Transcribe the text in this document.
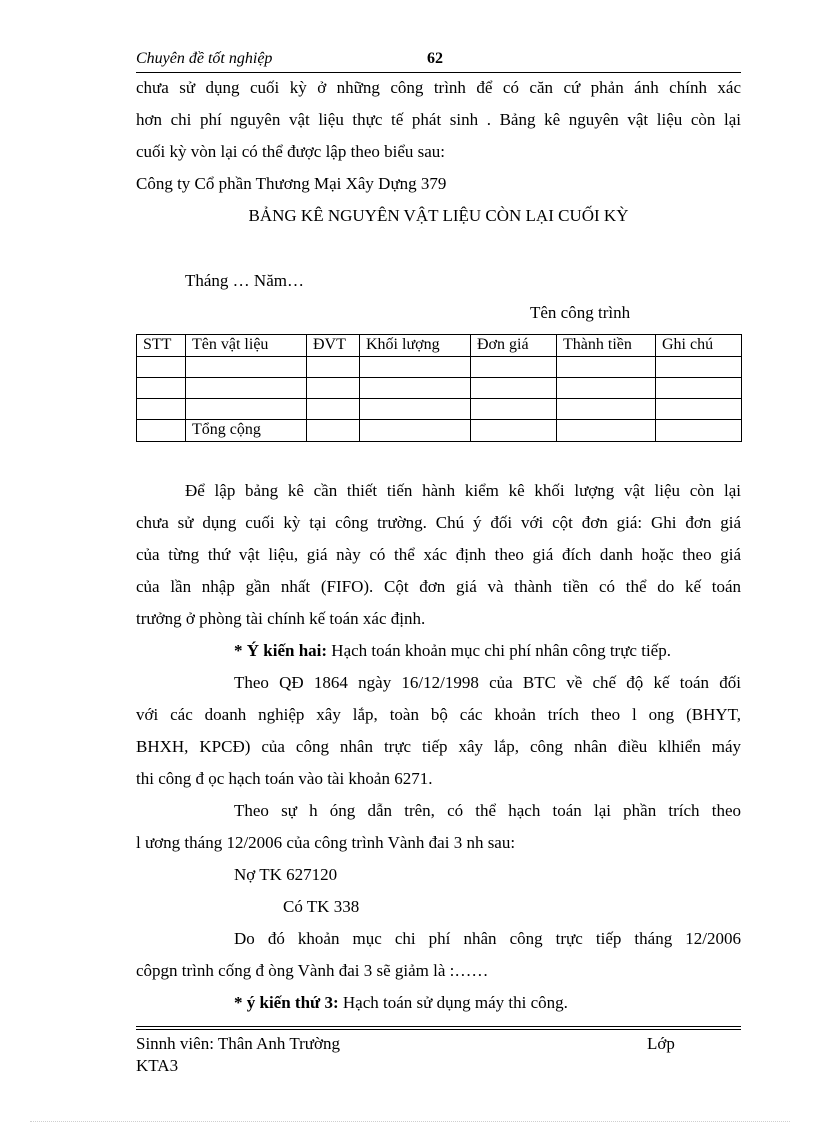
Chuyên đề tốt nghiệp	62
chưa sử dụng cuối kỳ ở những công trình để có căn cứ phản ánh chính xác
hơn chi phí nguyên vật liệu thực tế phát sinh . Bảng kê nguyên vật liệu còn lại
cuối kỳ vòn lại có thể được lập theo biểu sau:
Công ty Cổ phần Thương Mại Xây Dựng 379
BẢNG KÊ NGUYÊN VẬT LIỆU CÒN LẠI CUỐI KỲ
Tháng … Năm…
Tên công trình
STT	Tên vật liệu	ĐVT	Khối lượng	Đơn giá	Thành tiền	Ghi chú

	Tổng cộng					
Để lập bảng kê cần thiết tiến hành kiểm kê khối lượng vật liệu còn lại
chưa sử dụng cuối kỳ tại công trường. Chú ý đối với cột đơn giá: Ghi đơn giá
của từng thứ vật liệu, giá này có thể xác định theo giá đích danh hoặc theo giá
của lần nhập gần nhất (FIFO). Cột đơn giá và thành tiền có thể do kế toán
trưởng ở phòng tài chính kế toán xác định.
* Ý kiến hai: Hạch toán khoản mục chi phí nhân công trực tiếp.
Theo QĐ 1864 ngày 16/12/1998 của BTC về chế độ kế toán đối
với các doanh nghiệp xây lắp, toàn bộ các khoản trích theo l ong (BHYT,
BHXH, KPCĐ) của công nhân trực tiếp xây lắp, công nhân điều klhiển máy
thi công đ ọc hạch toán vào tài khoản 6271.
Theo sự h óng dẫn trên, có thể hạch toán lại phần trích theo
l ương tháng 12/2006 của công trình Vành đai 3 nh sau:
Nợ TK 627120
Có TK 338
Do đó khoản mục chi phí nhân công trực tiếp tháng 12/2006
côpgn trình cống đ òng Vành đai 3 sẽ giảm là :……
* ý kiến thứ 3: Hạch toán sử dụng máy thi công.
Sinnh viên: Thân Anh Trường	Lớp
KTA3
